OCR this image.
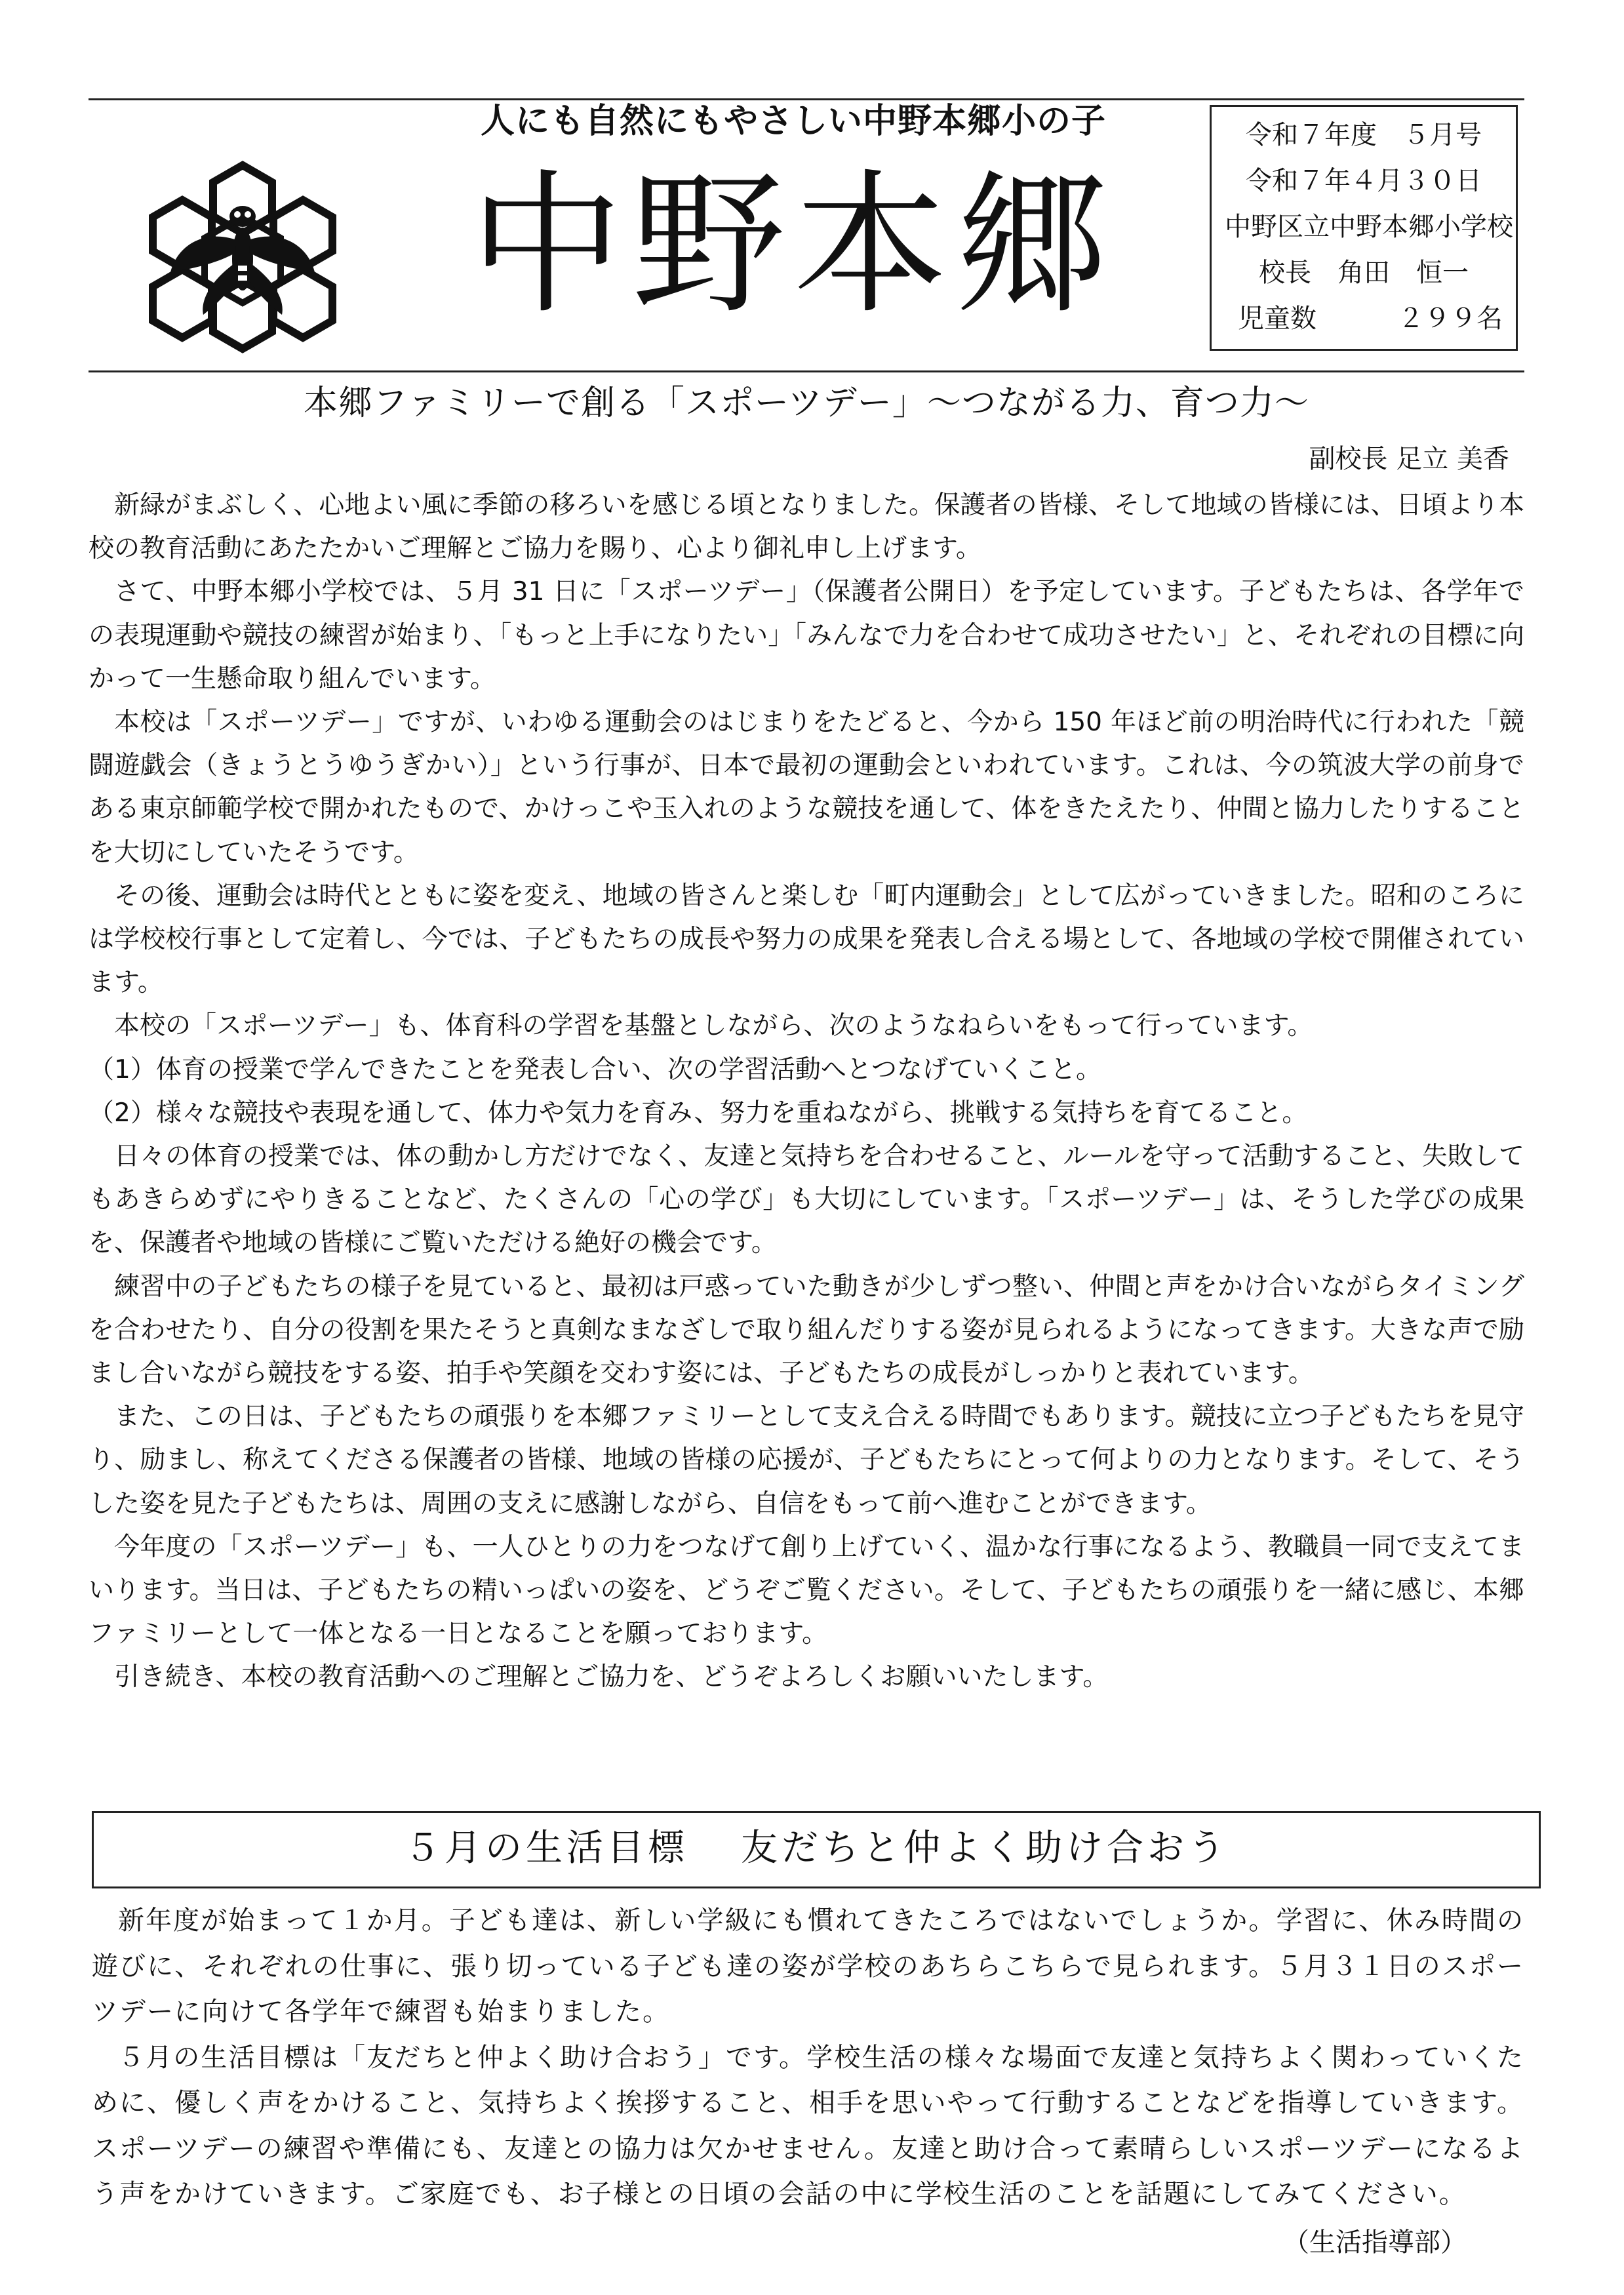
人にも自然にもやさしい中野本郷小の子
中野本郷
令和７年度　５月号
令和７年４月３０日
中野区立中野本郷小学校
校長　角田　恒一
児童数	２９９名
本郷ファミリーで創る「スポーツデー」〜つながる力、育つ力〜
副校長 足立 美香

新緑がまぶしく、心地よい風に季節の移ろいを感じる頃となりました。保護者の皆様、そして地域の皆様には、日頃より本校の教育活動にあたたかいご理解とご協力を賜り、心より御礼申し上げます。

さて、中野本郷小学校では、５月 31 日に「スポーツデー」（保護者公開日）を予定しています。子どもたちは、各学年での表現運動や競技の練習が始まり、「もっと上手になりたい」「みんなで力を合わせて成功させたい」と、それぞれの目標に向かって一生懸命取り組んでいます。

本校は「スポーツデー」ですが、いわゆる運動会のはじまりをたどると、今から 150 年ほど前の明治時代に行われた「競闘遊戯会（きょうとうゆうぎかい）」という行事が、日本で最初の運動会といわれています。これは、今の筑波大学の前身である東京師範学校で開かれたもので、かけっこや玉入れのような競技を通して、体をきたえたり、仲間と協力したりすることを大切にしていたそうです。

その後、運動会は時代とともに姿を変え、地域の皆さんと楽しむ「町内運動会」として広がっていきました。昭和のころには学校校行事として定着し、今では、子どもたちの成長や努力の成果を発表し合える場として、各地域の学校で開催されています。

本校の「スポーツデー」も、体育科の学習を基盤としながら、次のようなねらいをもって行っています。

（1）体育の授業で学んできたことを発表し合い、次の学習活動へとつなげていくこと。

（2）様々な競技や表現を通して、体力や気力を育み、努力を重ねながら、挑戦する気持ちを育てること。

日々の体育の授業では、体の動かし方だけでなく、友達と気持ちを合わせること、ルールを守って活動すること、失敗してもあきらめずにやりきることなど、たくさんの「心の学び」も大切にしています。「スポーツデー」は、そうした学びの成果を、保護者や地域の皆様にご覧いただける絶好の機会です。

練習中の子どもたちの様子を見ていると、最初は戸惑っていた動きが少しずつ整い、仲間と声をかけ合いながらタイミングを合わせたり、自分の役割を果たそうと真剣なまなざしで取り組んだりする姿が見られるようになってきます。大きな声で励まし合いながら競技をする姿、拍手や笑顔を交わす姿には、子どもたちの成長がしっかりと表れています。

また、この日は、子どもたちの頑張りを本郷ファミリーとして支え合える時間でもあります。競技に立つ子どもたちを見守り、励まし、称えてくださる保護者の皆様、地域の皆様の応援が、子どもたちにとって何よりの力となります。そして、そうした姿を見た子どもたちは、周囲の支えに感謝しながら、自信をもって前へ進むことができます。

今年度の「スポーツデー」も、一人ひとりの力をつなげて創り上げていく、温かな行事になるよう、教職員一同で支えてまいります。当日は、子どもたちの精いっぱいの姿を、どうぞご覧ください。そして、子どもたちの頑張りを一緒に感じ、本郷ファミリーとして一体となる一日となることを願っております。

引き続き、本校の教育活動へのご理解とご協力を、どうぞよろしくお願いいたします。

５月の生活目標 友だちと仲よく助け合おう

新年度が始まって１か月。子ども達は、新しい学級にも慣れてきたころではないでしょうか。学習に、休み時間の遊びに、それぞれの仕事に、張り切っている子ども達の姿が学校のあちらこちらで見られます。５月３１日のスポーツデーに向けて各学年で練習も始まりました。

５月の生活目標は「友だちと仲よく助け合おう」です。学校生活の様々な場面で友達と気持ちよく関わっていくために、優しく声をかけること、気持ちよく挨拶すること、相手を思いやって行動することなどを指導していきます。スポーツデーの練習や準備にも、友達との協力は欠かせません。友達と助け合って素晴らしいスポーツデーになるよう声をかけていきます。ご家庭でも、お子様との日頃の会話の中に学校生活のことを話題にしてみてください。

（生活指導部）
